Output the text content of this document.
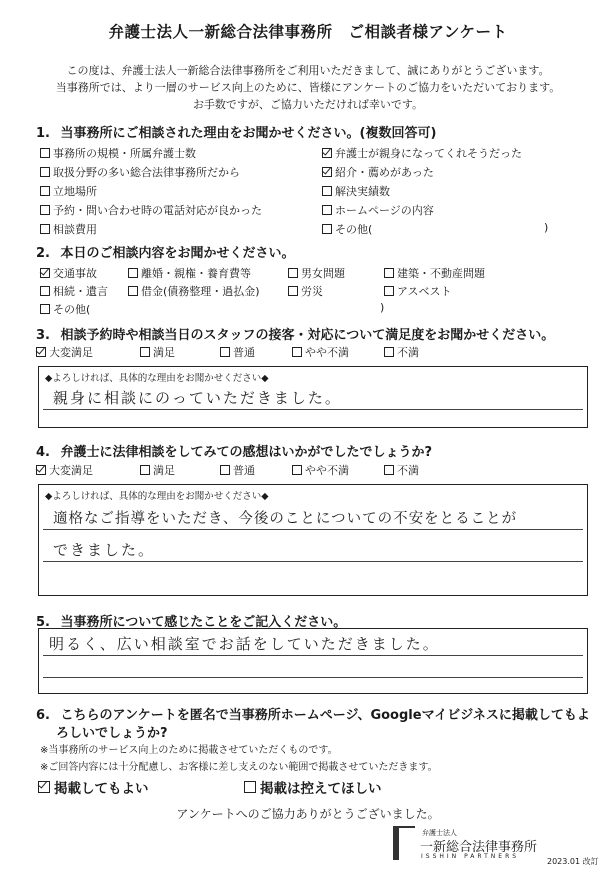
弁護士法人一新総合法律事務所　ご相談者様アンケート
この度は、弁護士法人一新総合法律事務所をご利用いただきまして、誠にありがとうございます。
当事務所では、より一層のサービス向上のために、皆様にアンケートのご協力をいただいております。
お手数ですが、ご協力いただければ幸いです。
1. 当事務所にご相談された理由をお聞かせください。(複数回答可)
事務所の規模・所属弁護士数
取扱分野の多い総合法律事務所だから
立地場所
予約・問い合わせ時の電話対応が良かった
相談費用
弁護士が親身になってくれそうだった
紹介・薦めがあった
解決実績数
ホームページの内容
その他(	)
2. 本日のご相談内容をお聞かせください。
交通事故	離婚・親権・養育費等	男女問題	建築・不動産問題
相続・遺言	借金(債務整理・過払金)	労災	アスベスト
その他(	)
3. 相談予約時や相談当日のスタッフの接客・対応について満足度をお聞かせください。
大変満足	満足	普通	やや不満	不満
◆よろしければ、具体的な理由をお聞かせください◆
親身に相談にのっていただきました。
4. 弁護士に法律相談をしてみての感想はいかがでしたでしょうか?
大変満足	満足	普通	やや不満	不満
◆よろしければ、具体的な理由をお聞かせください◆
適格なご指導をいただき、今後のことについての不安をとることが
できました。
5. 当事務所について感じたことをご記入ください。
明るく、広い相談室でお話をしていただきました。
6. こちらのアンケートを匿名で当事務所ホームページ、Googleマイビジネスに掲載してもよ
ろしいでしょうか?
※当事務所のサービス向上のために掲載させていただくものです。
※ご回答内容には十分配慮し、お客様に差し支えのない範囲で掲載させていただきます。
掲載してもよい	掲載は控えてほしい
アンケートへのご協力ありがとうございました。
弁護士法人
一新総合法律事務所
ISSHIN PARTNERS
2023.01 改訂
